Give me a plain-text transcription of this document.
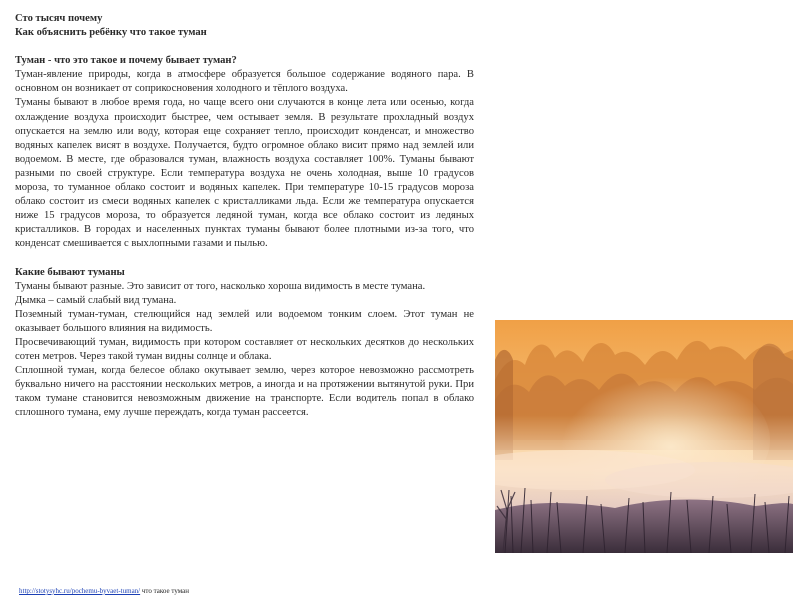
Сто тысяч почему

Как объяснить ребёнку что такое туман

Туман - что это такое и почему бывает туман?

Туман-явление природы, когда в атмосфере образуется большое содержание водяного пара. В основном он возникает от соприкосновения холодного и тёплого воздуха.

Туманы бывают в любое время года, но чаще всего они случаются в конце лета или осенью, когда охлаждение воздуха происходит быстрее, чем остывает земля. В результате прохладный воздух опускается на землю или воду, которая еще сохраняет тепло, происходит конденсат, и множество водяных капелек висят в воздухе. Получается, будто огромное облако висит прямо над землей или водоемом. В месте, где образовался туман, влажность воздуха составляет 100%. Туманы бывают разными по своей структуре. Если температура воздуха не очень холодная, выше 10 градусов мороза, то туманное облако состоит и водяных капелек. При температуре 10-15 градусов мороза облако состоит из смеси водяных капелек с кристалликами льда. Если же температура опускается ниже 15 градусов мороза, то образуется ледяной туман, когда все облако состоит из ледяных кристалликов. В городах и населенных пунктах туманы бывают более плотными из-за того, что конденсат смешивается с выхлопными газами и пылью.

Какие бывают туманы

Туманы бывают разные. Это зависит от того, насколько хороша видимость в месте тумана.

Дымка – самый слабый вид тумана.

Поземный туман-туман, стелющийся над землей или водоемом тонким слоем. Этот туман не оказывает большого влияния на видимость.

Просвечивающий туман, видимость при котором составляет от нескольких десятков до нескольких сотен метров. Через такой туман видны солнце и облака.

Сплошной туман, когда белесое облако окутывает землю, через которое невозможно рассмотреть буквально ничего на расстоянии нескольких метров, а иногда и на протяжении вытянутой руки. При таком тумане становится невозможным движение на транспорте. Если водитель попал в облако сплошного тумана, ему лучше переждать, когда туман рассеется.

http://stotysyhc.ru/pochemu-byvaet-tuman/ что такое туман
